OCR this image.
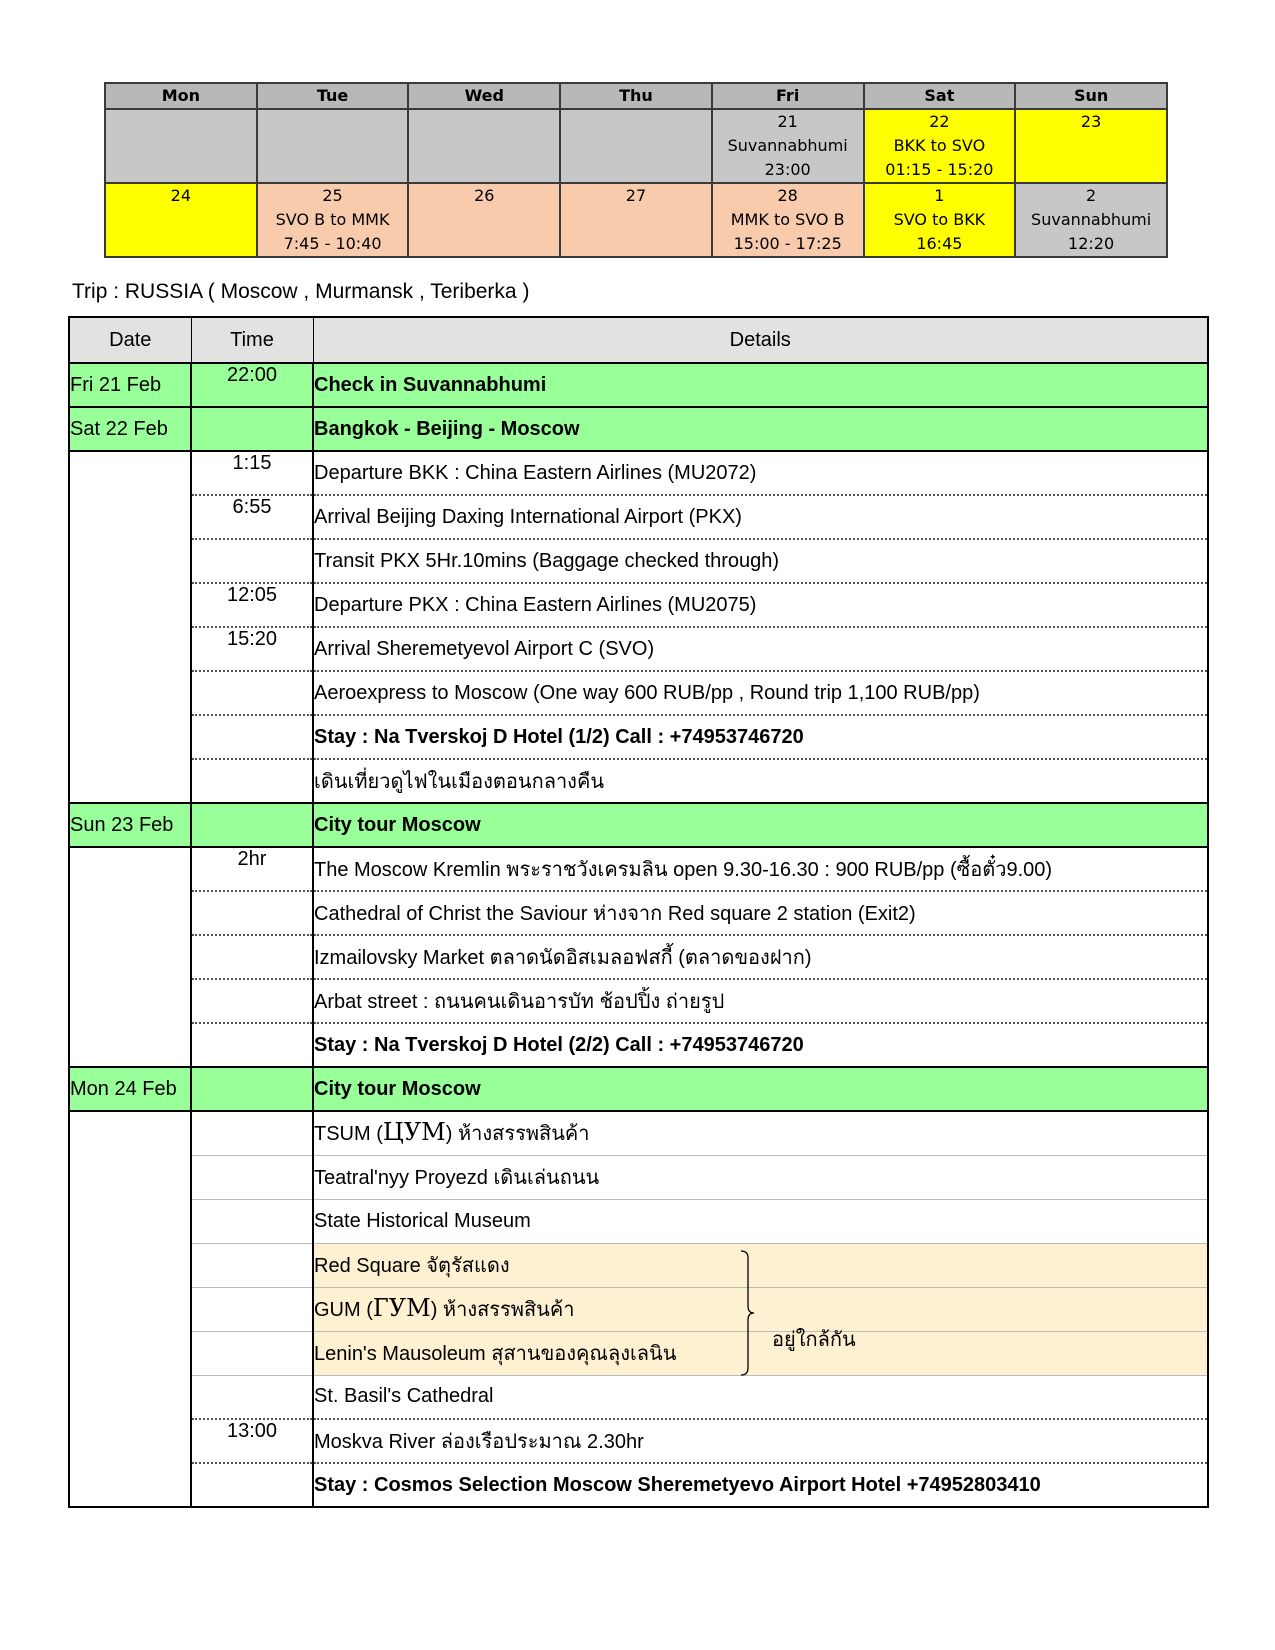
Mon	Tue	Wed	Thu	Fri	Sat	Sun
				21	22	23
				Suvannabhumi	BKK to SVO	
				23:00	01:15 - 15:20	
24	25	26	27	28	1	2
	SVO B to MMK			MMK to SVO B	SVO to BKK	Suvannabhumi
	7:45 - 10:40			15:00 - 17:25	16:45	12:20
Trip : RUSSIA ( Moscow , Murmansk , Teriberka )
Date	Time	Details
Fri 21 Feb	22:00	Check in Suvannabhumi
Sat 22 Feb		Bangkok - Beijing - Moscow
	1:15	Departure BKK : China Eastern Airlines (MU2072)
	6:55	Arrival Beijing Daxing International Airport (PKX)
		Transit PKX 5Hr.10mins (Baggage checked through)
	12:05	Departure PKX : China Eastern Airlines (MU2075)
	15:20	Arrival Sheremetyevol Airport C (SVO)
		Aeroexpress to Moscow (One way 600 RUB/pp , Round trip 1,100 RUB/pp)
		Stay : Na Tverskoj D Hotel (1/2) Call : +74953746720
		เดินเที่ยวดูไฟในเมืองตอนกลางคืน
Sun 23 Feb		City tour Moscow
	2hr	The Moscow Kremlin พระราชวังเครมลิน open 9.30-16.30 : 900 RUB/pp (ซื้อตั๋ว9.00)
		Cathedral of Christ the Saviour ห่างจาก Red square 2 station (Exit2)
		Izmailovsky Market ตลาดนัดอิสเมลอฟสกี้ (ตลาดของฝาก)
		Arbat street : ถนนคนเดินอารบัท ช้อปปิ้ง ถ่ายรูป
		Stay : Na Tverskoj D Hotel (2/2) Call : +74953746720
Mon 24 Feb		City tour Moscow
		TSUM (ЦУМ) ห้างสรรพสินค้า
		Teatral'nyy Proyezd เดินเล่นถนน
		State Historical Museum
		Red Square จัตุรัสแดง
		GUM (ГУМ) ห้างสรรพสินค้า
		Lenin's Mausoleum สุสานของคุณลุงเลนิน
		St. Basil's Cathedral
	13:00	Moskva River ล่องเรือประมาณ 2.30hr
		Stay : Cosmos Selection Moscow Sheremetyevo Airport Hotel +74952803410
อยู่ใกล้กัน
